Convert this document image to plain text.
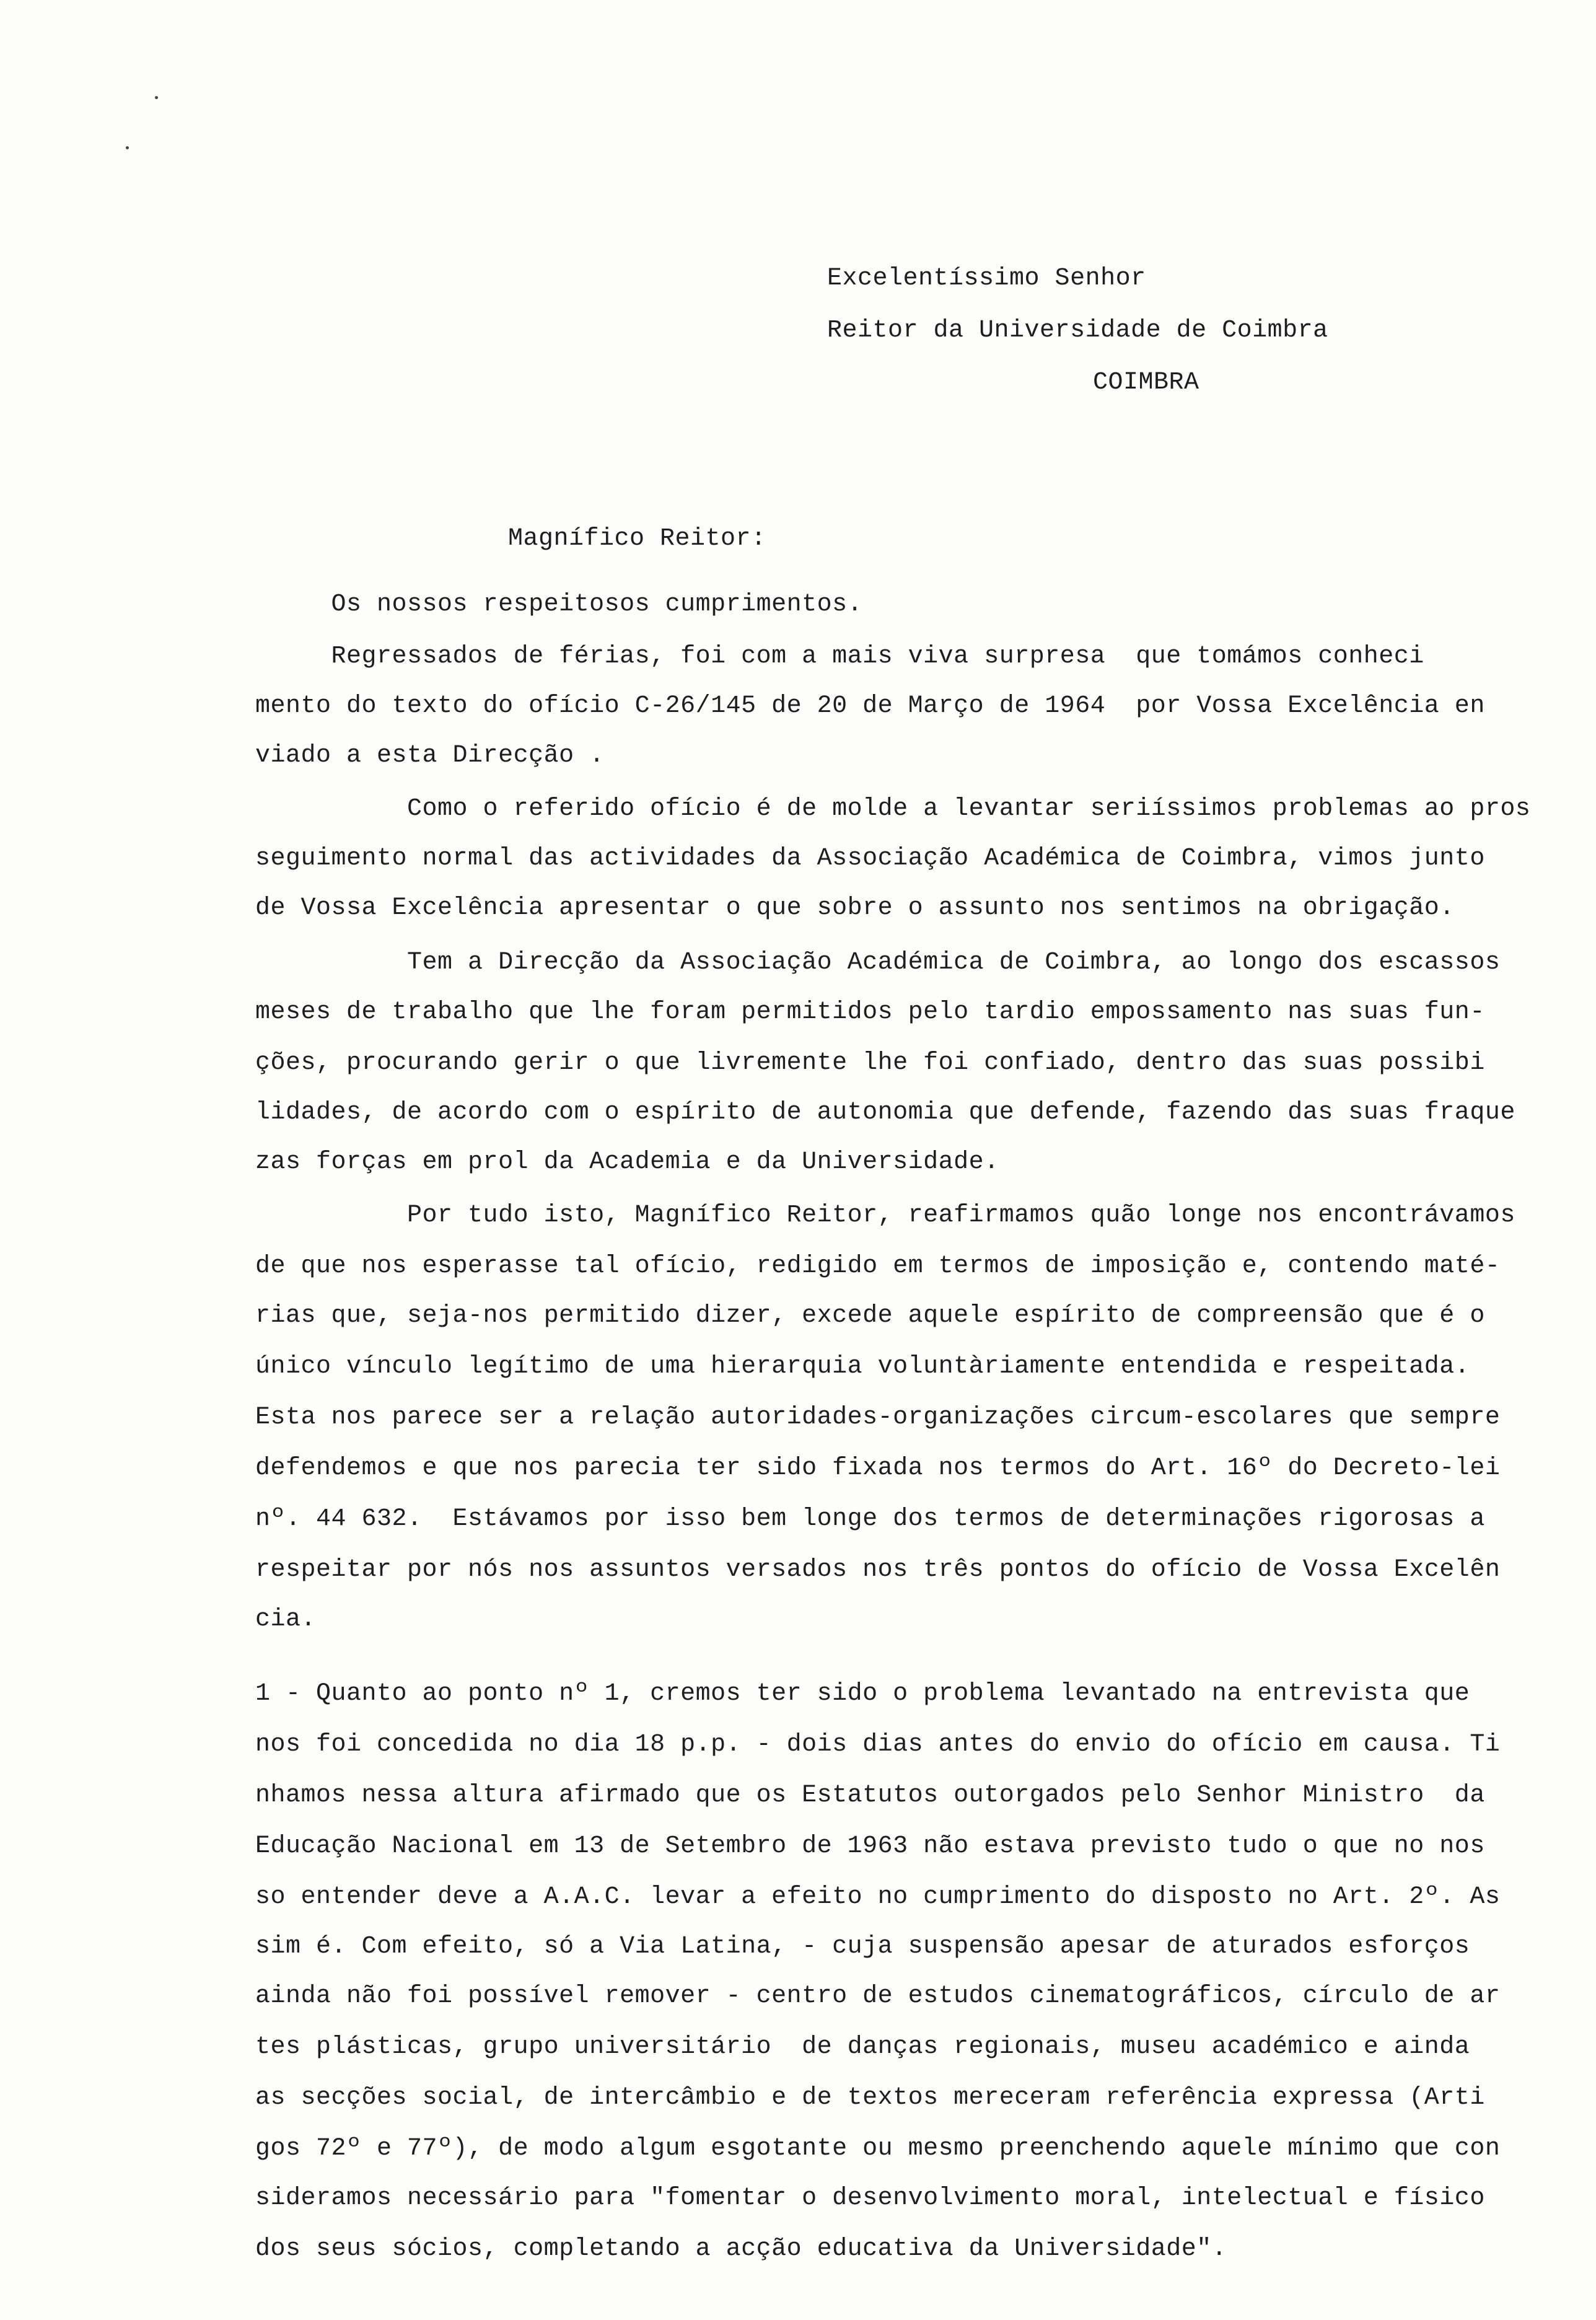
Excelentíssimo Senhor
Reitor da Universidade de Coimbra
COIMBRA
Magnífico Reitor:
Os nossos respeitosos cumprimentos.
Regressados de férias, foi com a mais viva surpresa  que tomámos conheci
mento do texto do ofício C-26/145 de 20 de Março de 1964  por Vossa Excelência en
viado a esta Direcção .
Como o referido ofício é de molde a levantar seriíssimos problemas ao pros
seguimento normal das actividades da Associação Académica de Coimbra, vimos junto
de Vossa Excelência apresentar o que sobre o assunto nos sentimos na obrigação.
Tem a Direcção da Associação Académica de Coimbra, ao longo dos escassos
meses de trabalho que lhe foram permitidos pelo tardio empossamento nas suas fun-
ções, procurando gerir o que livremente lhe foi confiado, dentro das suas possibi
lidades, de acordo com o espírito de autonomia que defende, fazendo das suas fraque
zas forças em prol da Academia e da Universidade.
Por tudo isto, Magnífico Reitor, reafirmamos quão longe nos encontrávamos
de que nos esperasse tal ofício, redigido em termos de imposição e, contendo maté-
rias que, seja-nos permitido dizer, excede aquele espírito de compreensão que é o
único vínculo legítimo de uma hierarquia voluntàriamente entendida e respeitada.
Esta nos parece ser a relação autoridades-organizações circum-escolares que sempre
defendemos e que nos parecia ter sido fixada nos termos do Art. 16º do Decreto-lei
nº. 44 632.  Estávamos por isso bem longe dos termos de determinações rigorosas a
respeitar por nós nos assuntos versados nos três pontos do ofício de Vossa Excelên
cia.
1 - Quanto ao ponto nº 1, cremos ter sido o problema levantado na entrevista que
nos foi concedida no dia 18 p.p. - dois dias antes do envio do ofício em causa. Ti
nhamos nessa altura afirmado que os Estatutos outorgados pelo Senhor Ministro  da
Educação Nacional em 13 de Setembro de 1963 não estava previsto tudo o que no nos
so entender deve a A.A.C. levar a efeito no cumprimento do disposto no Art. 2º. As
sim é. Com efeito, só a Via Latina, - cuja suspensão apesar de aturados esforços
ainda não foi possível remover - centro de estudos cinematográficos, círculo de ar
tes plásticas, grupo universitário  de danças regionais, museu académico e ainda
as secções social, de intercâmbio e de textos mereceram referência expressa (Arti
gos 72º e 77º), de modo algum esgotante ou mesmo preenchendo aquele mínimo que con
sideramos necessário para "fomentar o desenvolvimento moral, intelectual e físico
dos seus sócios, completando a acção educativa da Universidade".
